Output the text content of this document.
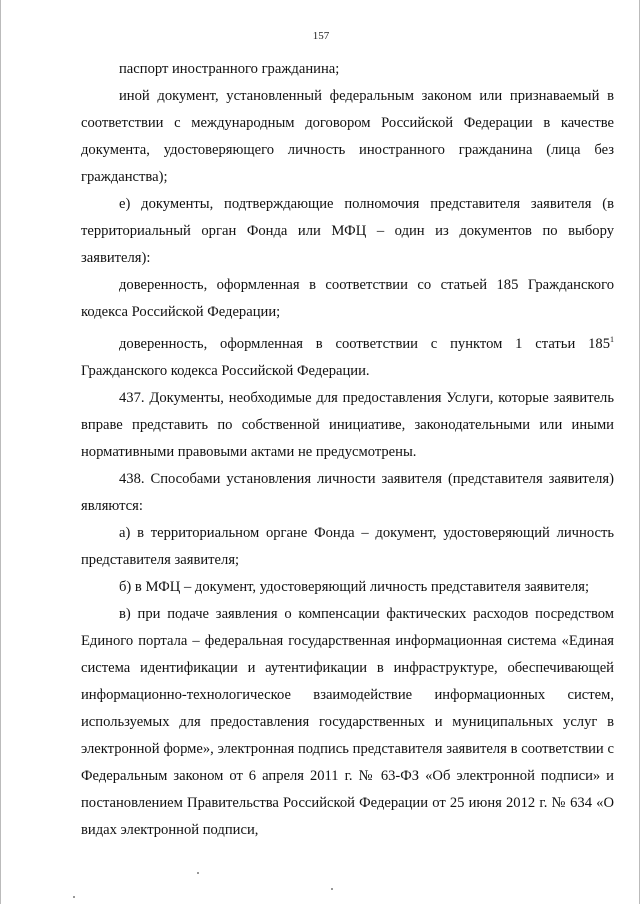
157

паспорт иностранного гражданина;

иной документ, установленный федеральным законом или признаваемый в соответствии с международным договором Российской Федерации в качестве документа, удостоверяющего личность иностранного гражданина (лица без гражданства);

е) документы, подтверждающие полномочия представителя заявителя (в территориальный орган Фонда или МФЦ – один из документов по выбору заявителя):

доверенность, оформленная в соответствии со статьей 185 Гражданского кодекса Российской Федерации;

доверенность, оформленная в соответствии с пунктом 1 статьи $185^1$ Гражданского кодекса Российской Федерации.

437. Документы, необходимые для предоставления Услуги, которые заявитель вправе представить по собственной инициативе, законодательными или иными нормативными правовыми актами не предусмотрены.

438. Способами установления личности заявителя (представителя заявителя) являются:

а) в территориальном органе Фонда – документ, удостоверяющий личность представителя заявителя;

б) в МФЦ – документ, удостоверяющий личность представителя заявителя;

в) при подаче заявления о компенсации фактических расходов посредством Единого портала – федеральная государственная информационная система «Единая система идентификации и аутентификации в инфраструктуре, обеспечивающей информационно-технологическое взаимодействие информационных систем, используемых для предоставления государственных и муниципальных услуг в электронной форме», электронная подпись представителя заявителя в соответствии с Федеральным законом от 6 апреля 2011 г. № 63-ФЗ «Об электронной подписи» и постановлением Правительства Российской Федерации от 25 июня 2012 г. № 634 «О видах электронной подписи,
